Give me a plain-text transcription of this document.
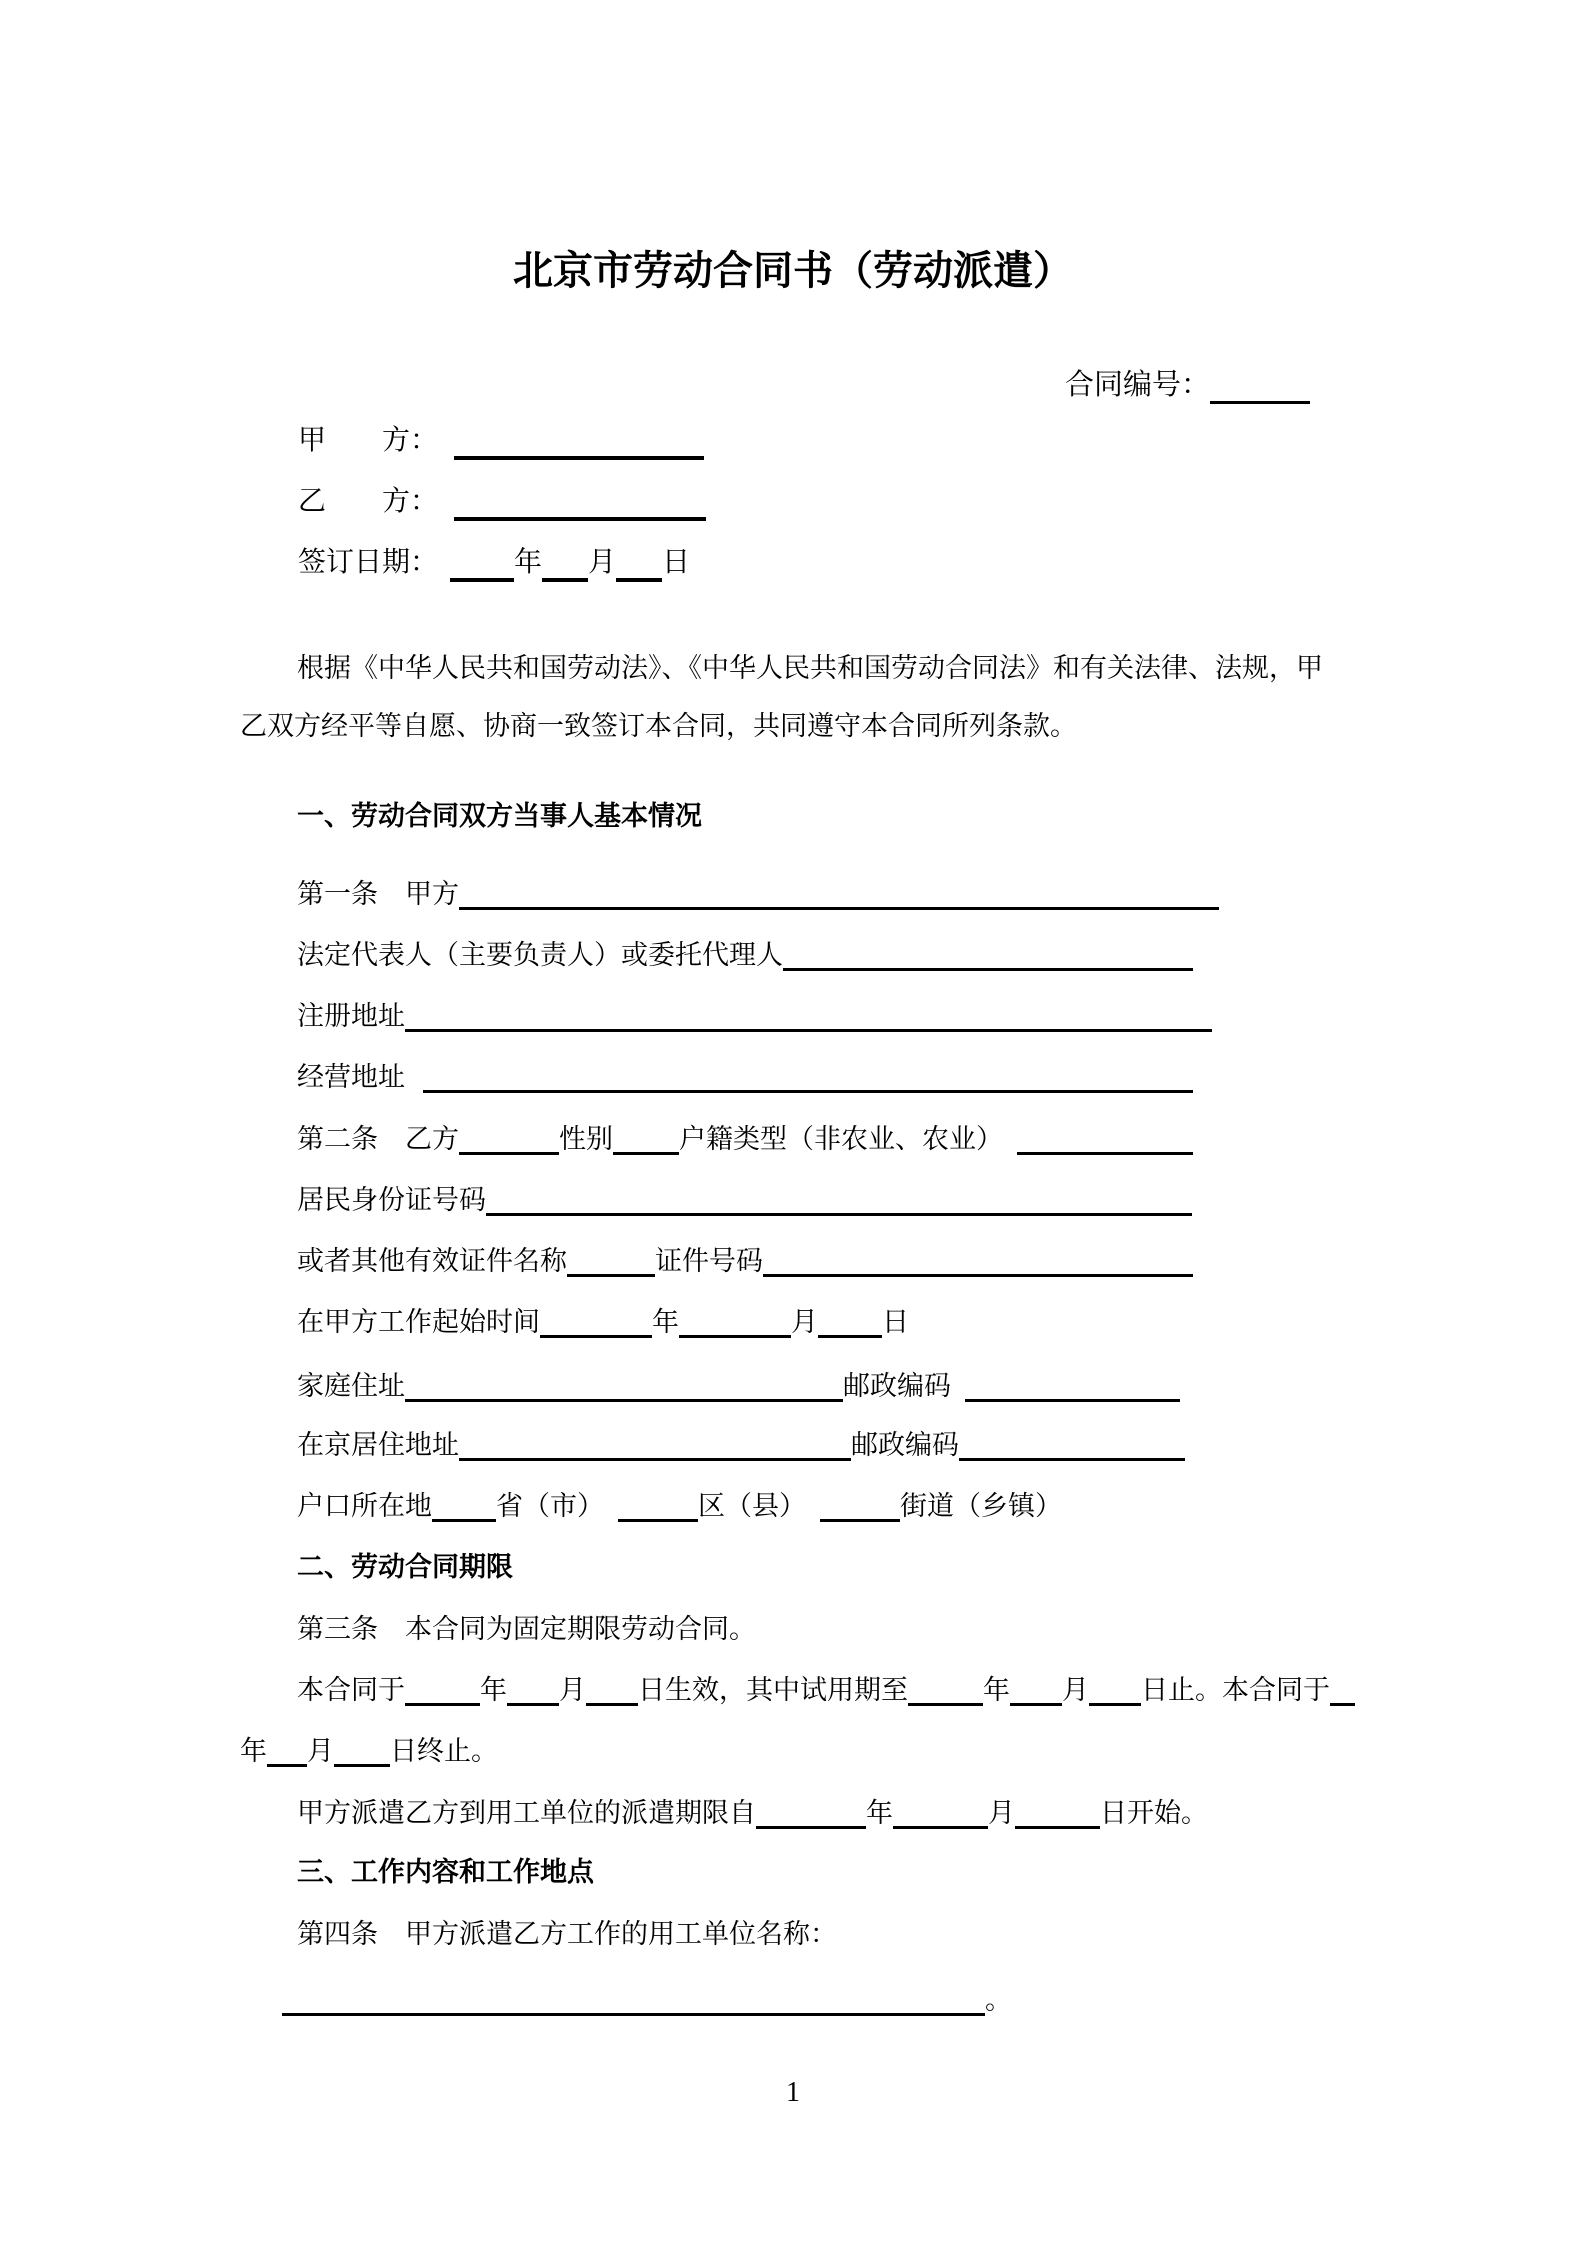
北京市劳动合同书（劳动派遣）
合同编号：
甲　　方：
乙　　方：
签订日期：	年 月 日
根据《中华人民共和国劳动法》、《中华人民共和国劳动合同法》和有关法律、法规，甲
乙双方经平等自愿、协商一致签订本合同，共同遵守本合同所列条款。
一、劳动合同双方当事人基本情况
第一条　甲方
法定代表人（主要负责人）或委托代理人
注册地址
经营地址
第二条　乙方	性别 户籍类型（非农业、农业）
居民身份证号码
或者其他有效证件名称	证件号码
在甲方工作起始时间	年	月 日
家庭住址	邮政编码
在京居住地址	邮政编码
户口所在地 省（市）	区（县）	街道（乡镇）
二、劳动合同期限
第三条　本合同为固定期限劳动合同。
本合同于	年 月 日生效，其中试用期至	年 月 日止。本合同于
年 月 日终止。
甲方派遣乙方到用工单位的派遣期限自	年	月	日开始。
三、工作内容和工作地点
第四条　甲方派遣乙方工作的用工单位名称：
。
1
